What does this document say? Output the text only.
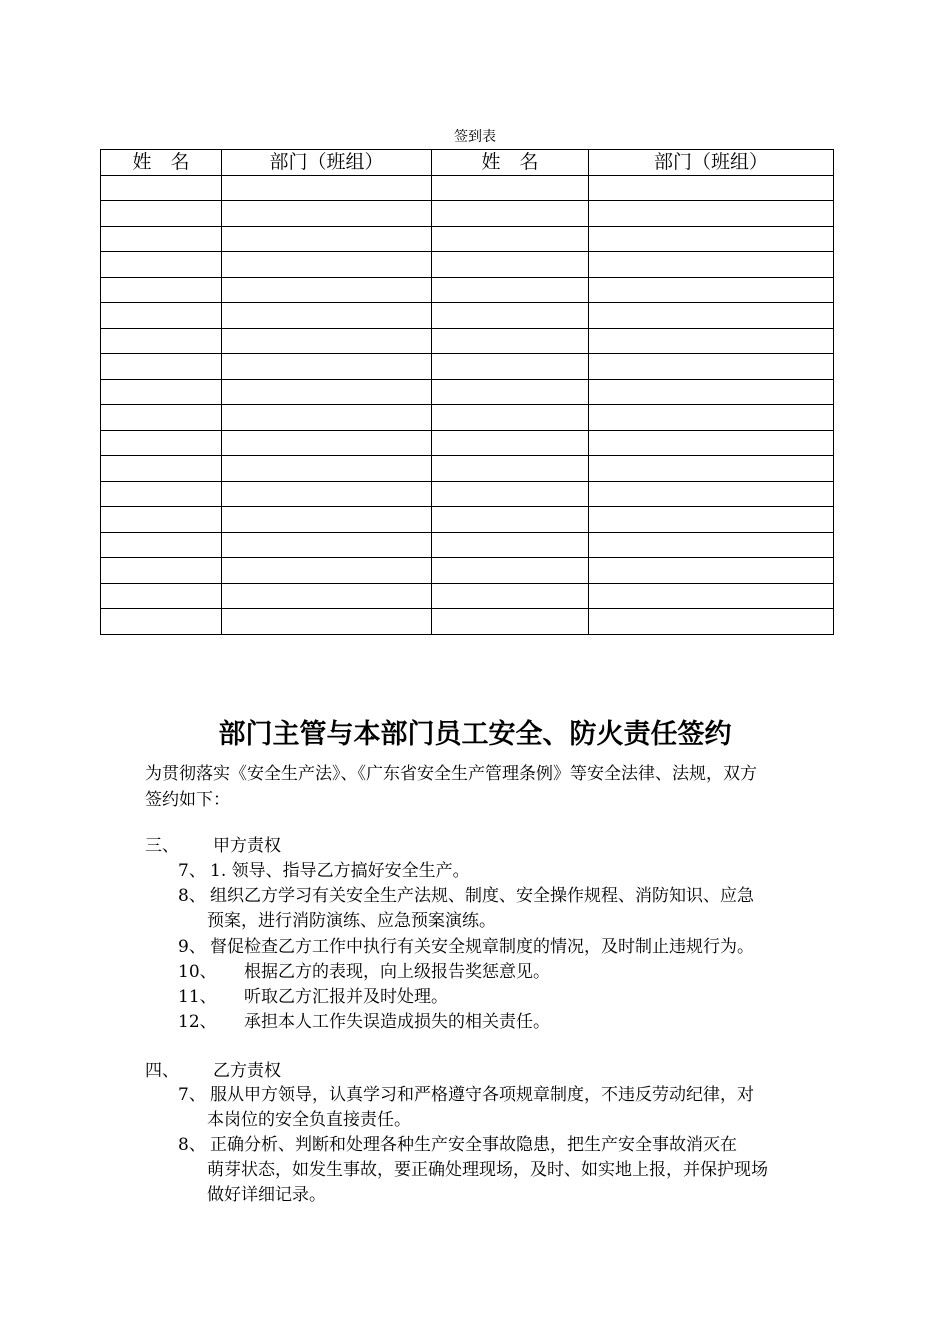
签到表
姓　名	部门（班组）	姓　名	部门（班组）

部门主管与本部门员工安全、防火责任签约
为贯彻落实《安全生产法》、《广东省安全生产管理条例》等安全法律、法规，双方
签约如下：
三、 甲方责权
7、 1. 领导、指导乙方搞好安全生产。
8、 组织乙方学习有关安全生产法规、制度、安全操作规程、消防知识、应急
预案，进行消防演练、应急预案演练。
9、 督促检查乙方工作中执行有关安全规章制度的情况，及时制止违规行为。
10、 根据乙方的表现，向上级报告奖惩意见。
11、 听取乙方汇报并及时处理。
12、 承担本人工作失误造成损失的相关责任。
四、 乙方责权
7、 服从甲方领导，认真学习和严格遵守各项规章制度，不违反劳动纪律，对
本岗位的安全负直接责任。
8、 正确分析、判断和处理各种生产安全事故隐患，把生产安全事故消灭在
萌芽状态，如发生事故，要正确处理现场，及时、如实地上报，并保护现场
做好详细记录。
